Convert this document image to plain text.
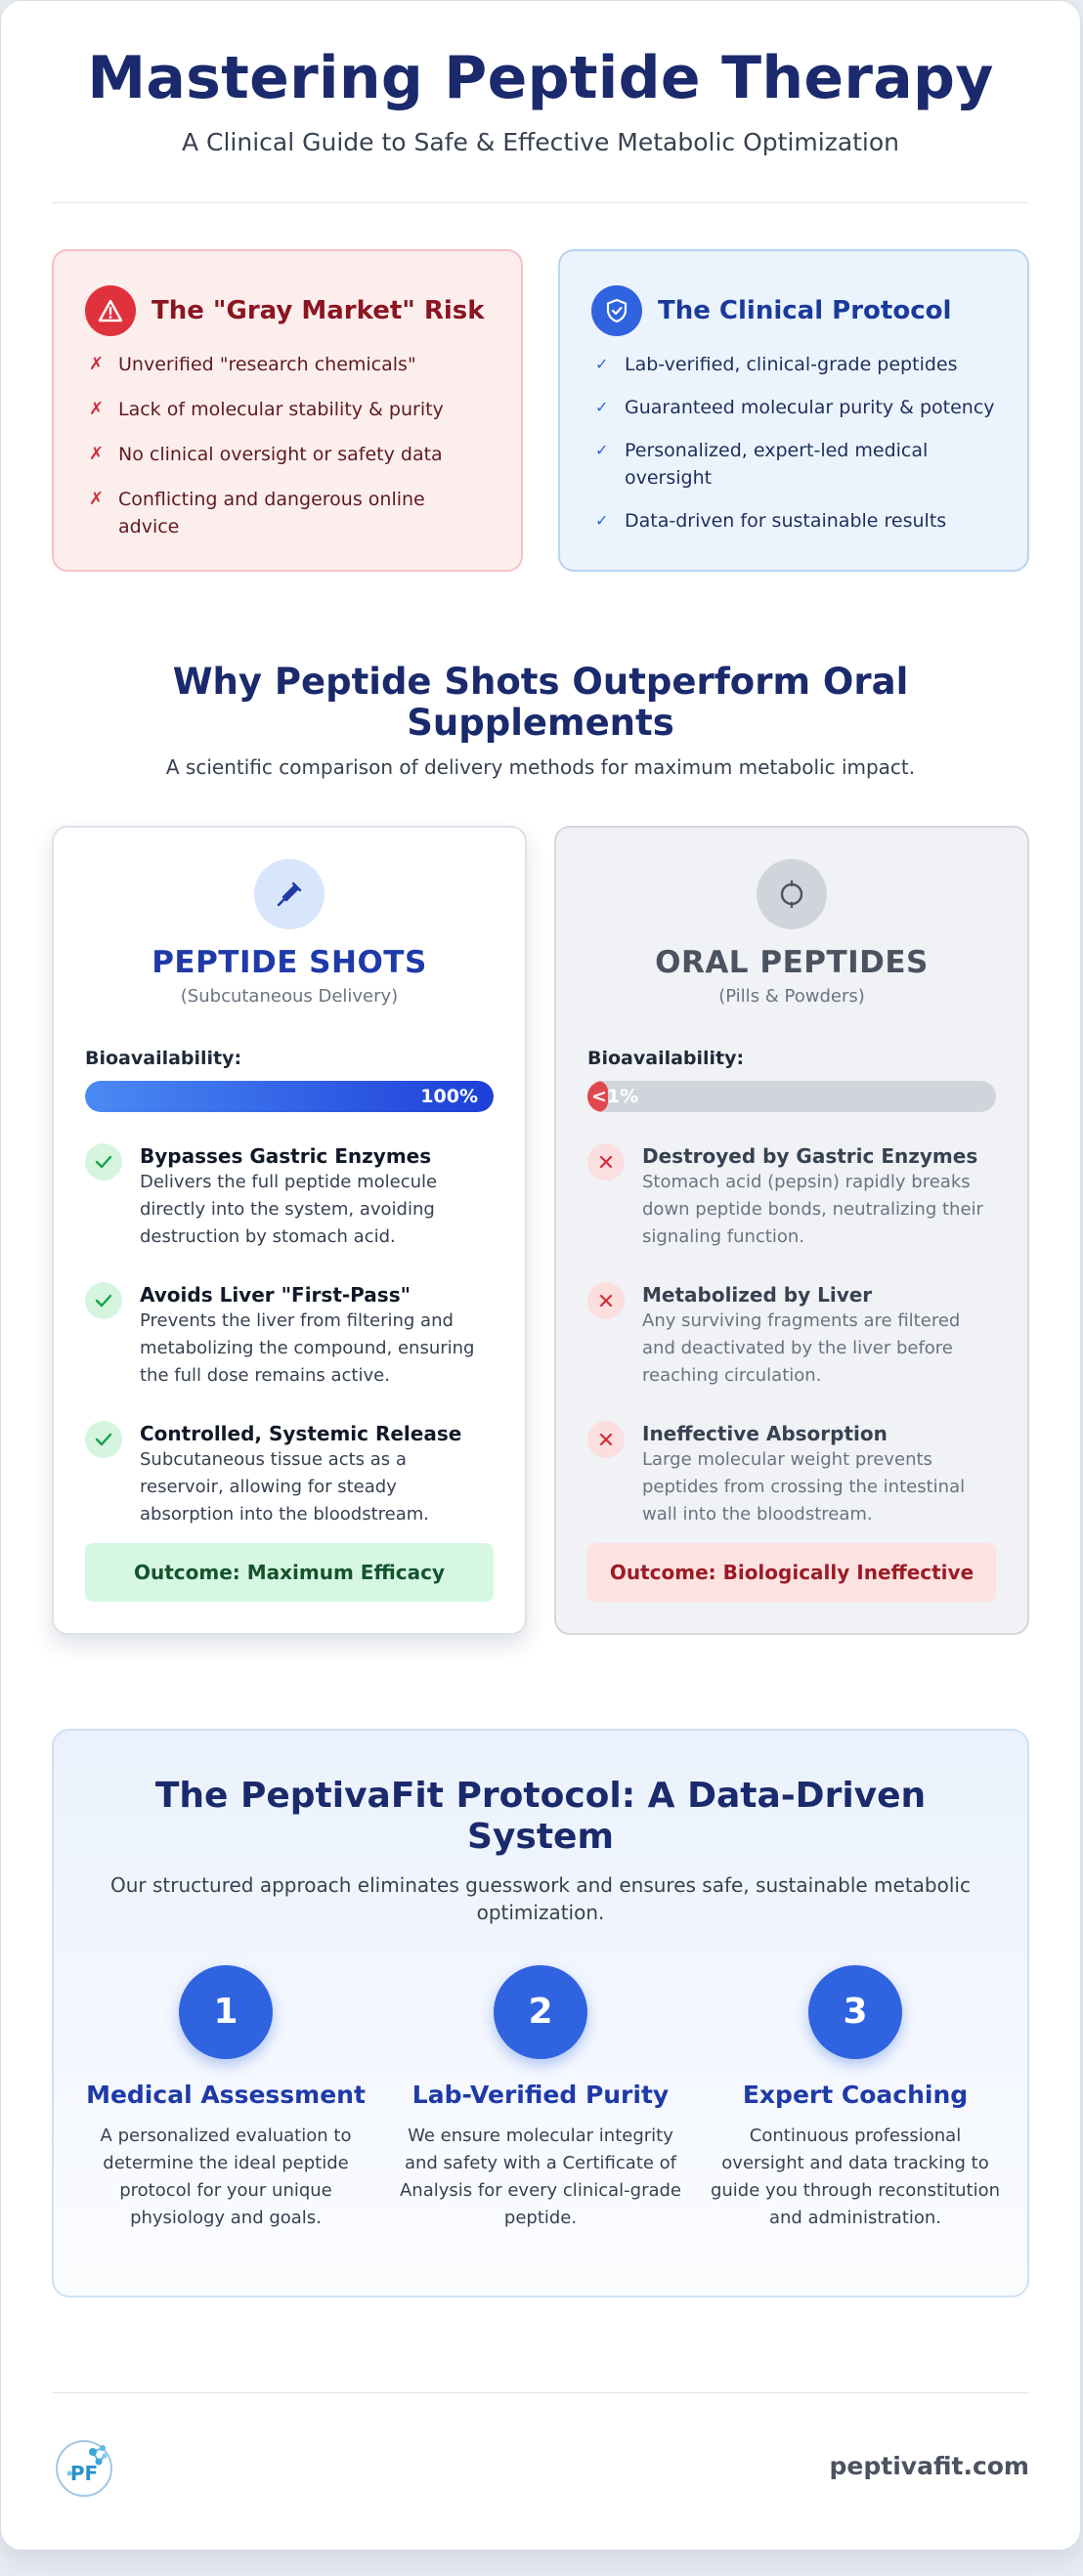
Mastering Peptide Therapy

A Clinical Guide to Safe & Effective Metabolic Optimization

The "Gray Market" Risk
✗ Unverified "research chemicals"
✗ Lack of molecular stability & purity
✗ No clinical oversight or safety data
✗ Conflicting and dangerous online advice
The Clinical Protocol
✓ Lab-verified, clinical-grade peptides
✓ Guaranteed molecular purity & potency
✓ Personalized, expert-led medical oversight
✓ Data-driven for sustainable results
Why Peptide Shots Outperform Oral Supplements
A scientific comparison of delivery methods for maximum metabolic impact.
PEPTIDE SHOTS
(Subcutaneous Delivery)
Bioavailability:
100%
Bypasses Gastric Enzymes
Delivers the full peptide molecule directly into the system, avoiding destruction by stomach acid.
Avoids Liver "First-Pass"
Prevents the liver from filtering and metabolizing the compound, ensuring the full dose remains active.
Controlled, Systemic Release
Subcutaneous tissue acts as a reservoir, allowing for steady absorption into the bloodstream.
Outcome: Maximum Efficacy
ORAL PEPTIDES
(Pills & Powders)
Bioavailability:
<1%
Destroyed by Gastric Enzymes
Stomach acid (pepsin) rapidly breaks down peptide bonds, neutralizing their signaling function.
Metabolized by Liver
Any surviving fragments are filtered and deactivated by the liver before reaching circulation.
Ineffective Absorption
Large molecular weight prevents peptides from crossing the intestinal wall into the bloodstream.
Outcome: Biologically Ineffective
The PeptivaFit Protocol: A Data-Driven System

Our structured approach eliminates guesswork and ensures safe, sustainable metabolic optimization.

1
Medical Assessment
A personalized evaluation to determine the ideal peptide protocol for your unique physiology and goals.
2
Lab-Verified Purity
We ensure molecular integrity and safety with a Certificate of Analysis for every clinical-grade peptide.
3
Expert Coaching
Continuous professional oversight and data tracking to guide you through reconstitution and administration.
PF	peptivafit.com
